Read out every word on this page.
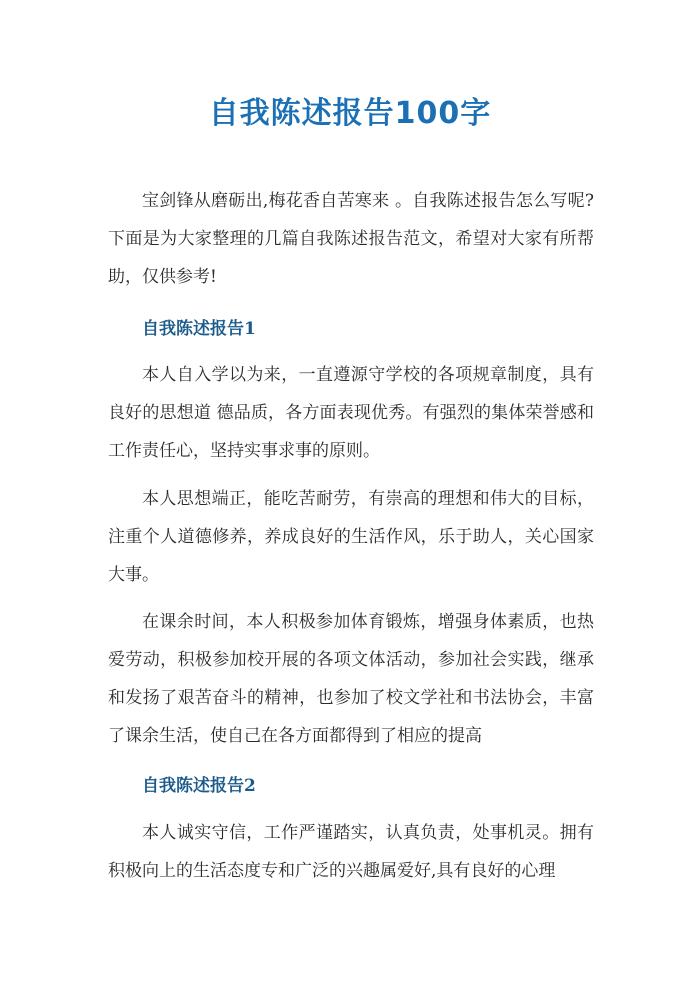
自我陈述报告100字

宝剑锋从磨砺出,梅花香自苦寒来 。自我陈述报告怎么写呢?下面是为大家整理的几篇自我陈述报告范文，希望对大家有所帮助，仅供参考!

自我陈述报告1

本人自入学以为来，一直遵源守学校的各项规章制度，具有良好的思想道 德品质，各方面表现优秀。有强烈的集体荣誉感和工作责任心，坚持实事求事的原则。

本人思想端正，能吃苦耐劳，有崇高的理想和伟大的目标，注重个人道德修养，养成良好的生活作风，乐于助人，关心国家大事。

在课余时间，本人积极参加体育锻炼，增强身体素质，也热爱劳动，积极参加校开展的各项文体活动，参加社会实践，继承和发扬了艰苦奋斗的精神，也参加了校文学社和书法协会，丰富了课余生活，使自己在各方面都得到了相应的提高

自我陈述报告2

本人诚实守信，工作严谨踏实，认真负责，处事机灵。拥有积极向上的生活态度专和广泛的兴趣属爱好,具有良好的心理
